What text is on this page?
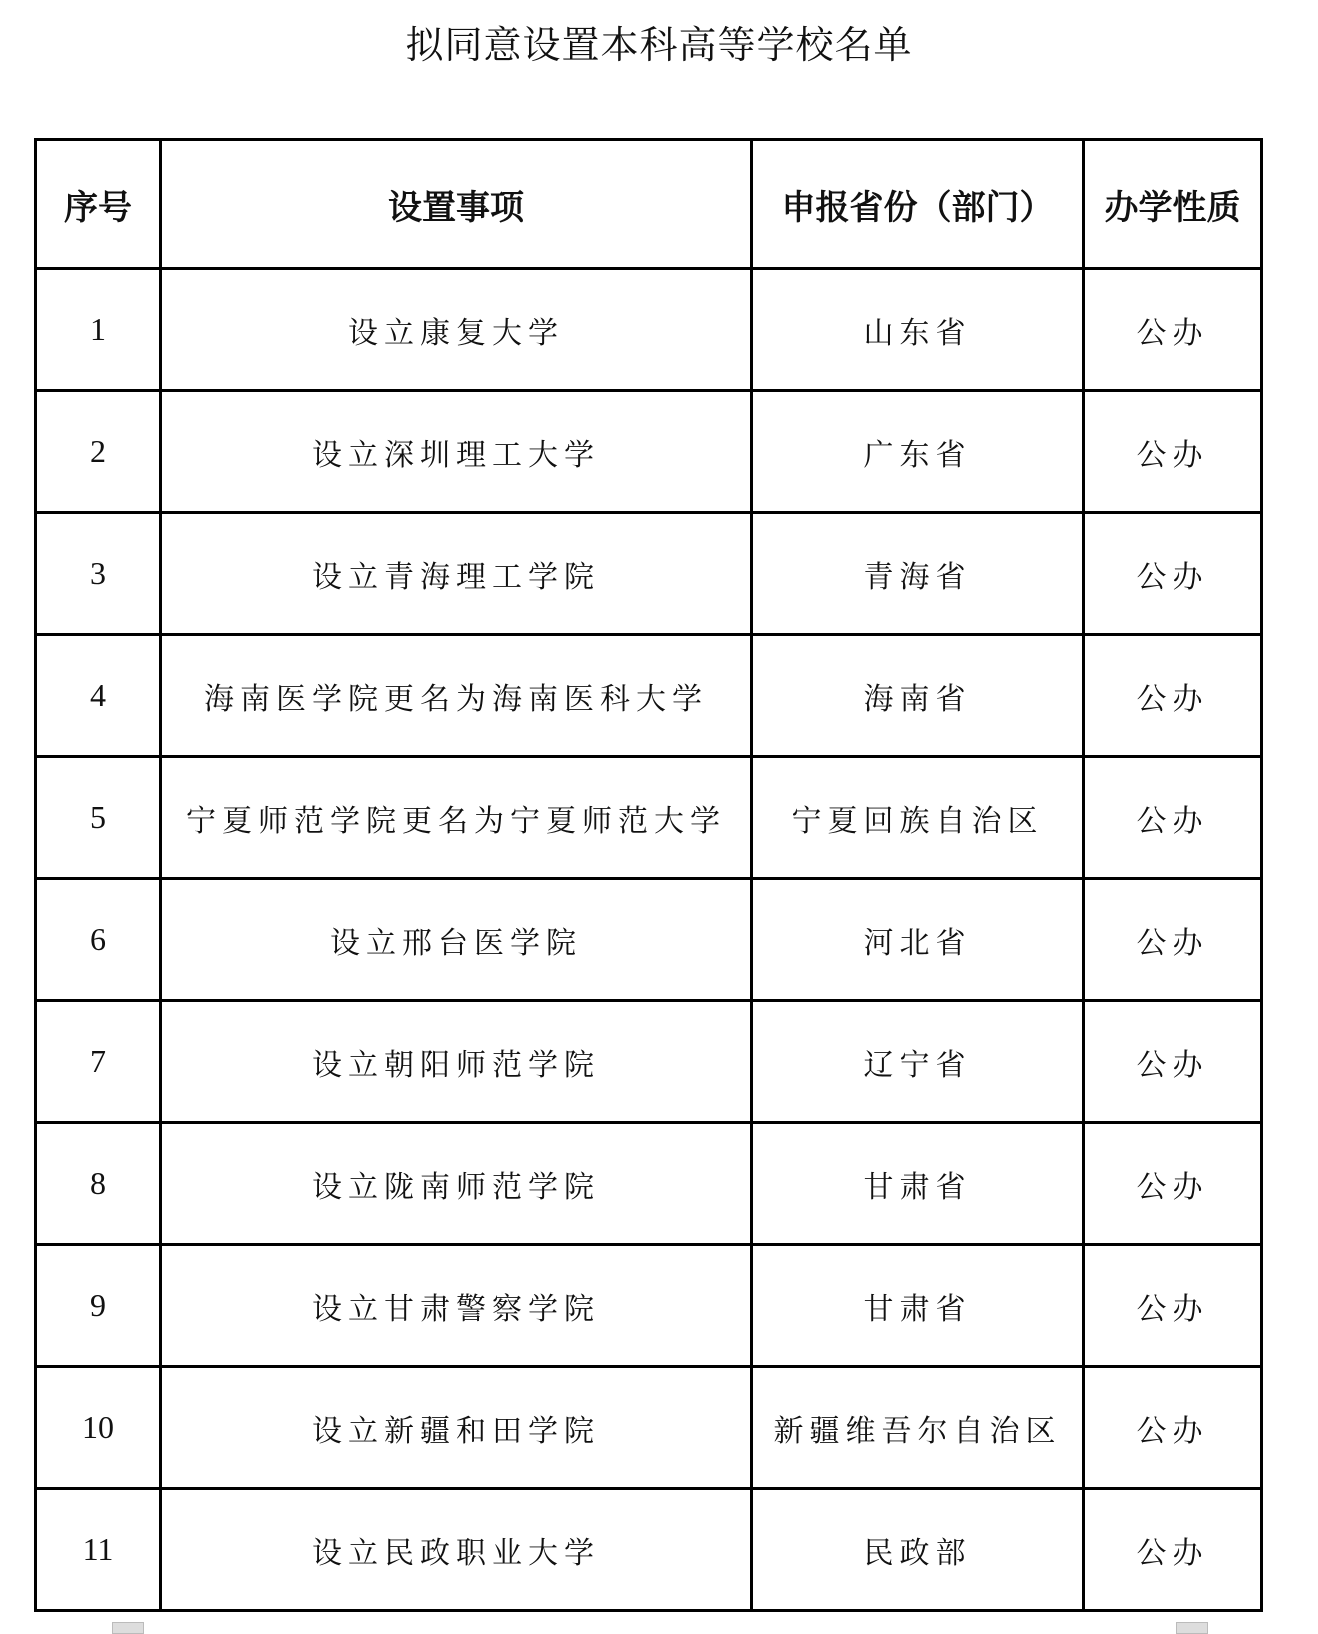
拟同意设置本科高等学校名单
序号	设置事项	申报省份（部门）	办学性质
1	设立康复大学	山东省	公办
2	设立深圳理工大学	广东省	公办
3	设立青海理工学院	青海省	公办
4	海南医学院更名为海南医科大学	海南省	公办
5	宁夏师范学院更名为宁夏师范大学	宁夏回族自治区	公办
6	设立邢台医学院	河北省	公办
7	设立朝阳师范学院	辽宁省	公办
8	设立陇南师范学院	甘肃省	公办
9	设立甘肃警察学院	甘肃省	公办
10	设立新疆和田学院	新疆维吾尔自治区	公办
11	设立民政职业大学	民政部	公办
